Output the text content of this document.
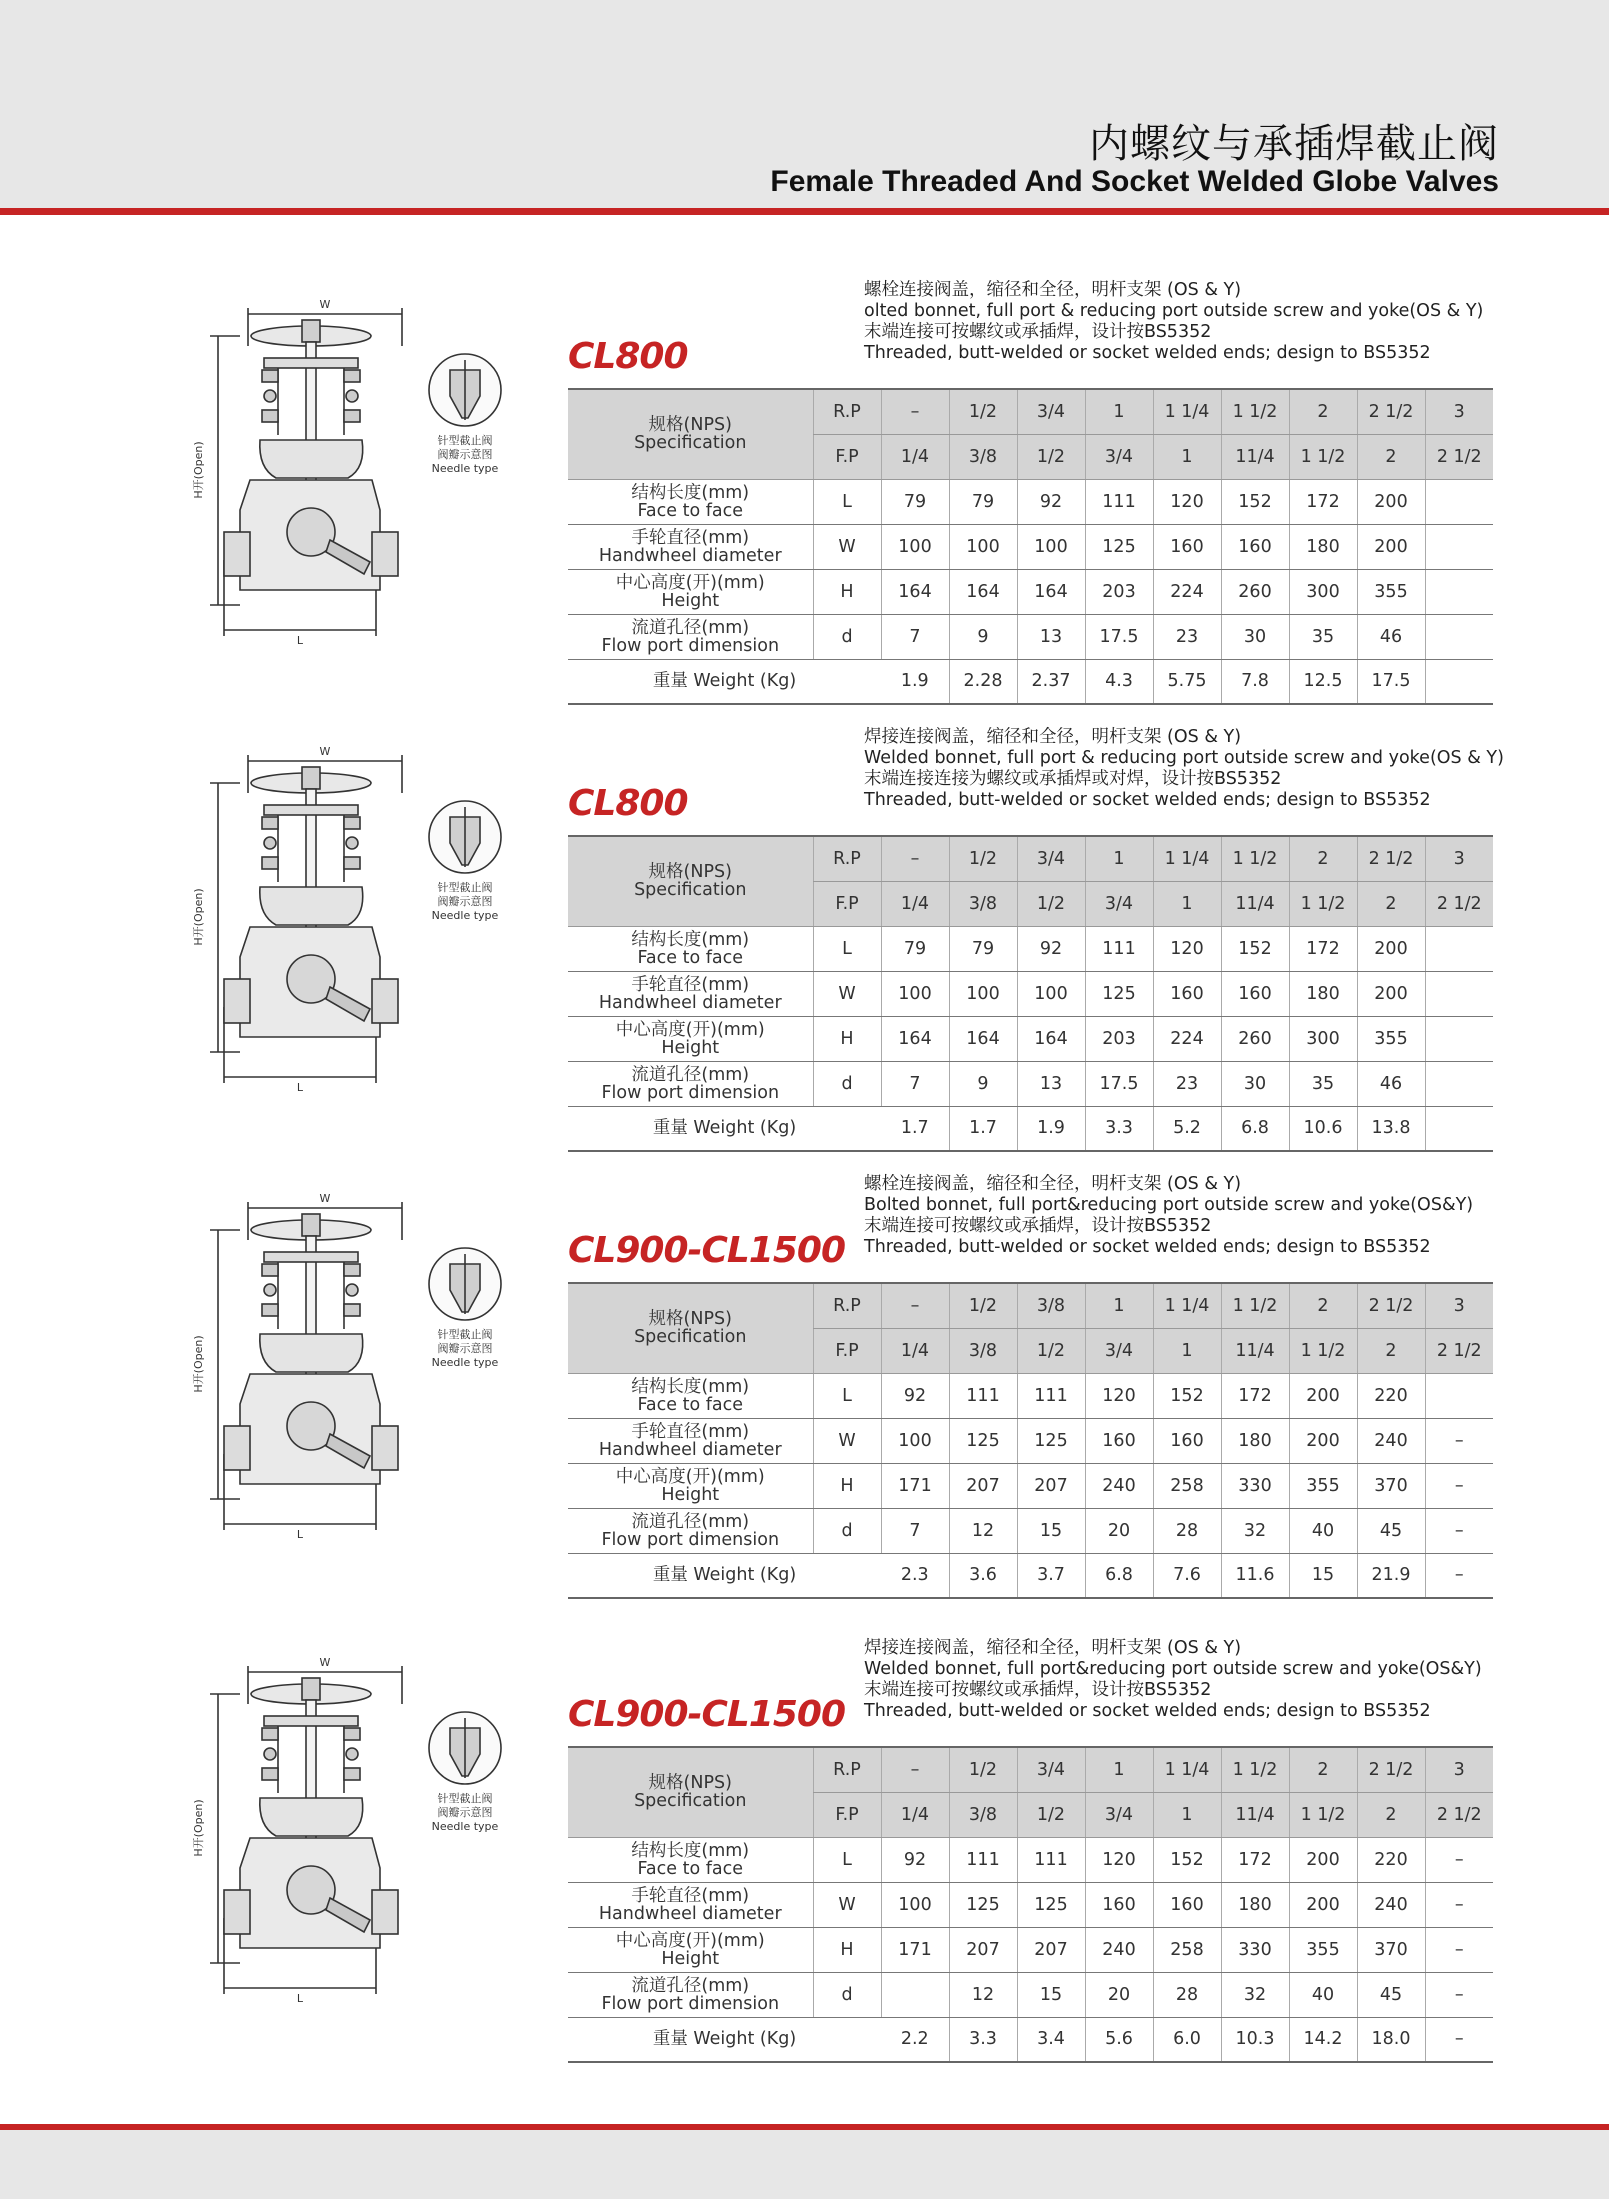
内螺纹与承插焊截止阀
Female Threaded And Socket Welded Globe Valves
W
L
H开(Open)
针型截止阀
阀瓣示意图
Needle type
CL800
螺栓连接阀盖，缩径和全径，明杆支架 (OS & Y)
olted bonnet, full port & reducing port outside screw and yoke(OS & Y)
末端连接可按螺纹或承插焊，设计按BS5352
Threaded, butt-welded or socket welded ends; design to BS5352
规格(NPS)
Specification	R.P	–	1/2	3/4	1	1 1/4	1 1/2	2	2 1/2	3
	F.P	1/4	3/8	1/2	3/4	1	11/4	1 1/2	2	2 1/2

结构长度(mm)
Face to face	L	79	79	92	111	120	152	172	200	

手轮直径(mm)
Handwheel diameter	W	100	100	100	125	160	160	180	200	

中心高度(开)(mm)
Height	H	164	164	164	203	224	260	300	355	

流道孔径(mm)
Flow port dimension	d	7	9	13	17.5	23	30	35	46	
重量 Weight (Kg)		1.9	2.28	2.37	4.3	5.75	7.8	12.5	17.5	
W
L
H开(Open)
针型截止阀
阀瓣示意图
Needle type
CL800
焊接连接阀盖，缩径和全径，明杆支架 (OS & Y)
Welded bonnet, full port & reducing port outside screw and yoke(OS & Y)
末端连接连接为螺纹或承插焊或对焊，设计按BS5352
Threaded, butt-welded or socket welded ends; design to BS5352
规格(NPS)
Specification	R.P	–	1/2	3/4	1	1 1/4	1 1/2	2	2 1/2	3
	F.P	1/4	3/8	1/2	3/4	1	11/4	1 1/2	2	2 1/2

结构长度(mm)
Face to face	L	79	79	92	111	120	152	172	200	

手轮直径(mm)
Handwheel diameter	W	100	100	100	125	160	160	180	200	

中心高度(开)(mm)
Height	H	164	164	164	203	224	260	300	355	

流道孔径(mm)
Flow port dimension	d	7	9	13	17.5	23	30	35	46	
重量 Weight (Kg)		1.7	1.7	1.9	3.3	5.2	6.8	10.6	13.8	
W
L
H开(Open)
针型截止阀
阀瓣示意图
Needle type
CL900-CL1500
螺栓连接阀盖，缩径和全径，明杆支架 (OS & Y)
Bolted bonnet, full port&reducing port outside screw and yoke(OS&Y)
末端连接可按螺纹或承插焊，设计按BS5352
Threaded, butt-welded or socket welded ends; design to BS5352
规格(NPS)
Specification	R.P	–	1/2	3/8	1	1 1/4	1 1/2	2	2 1/2	3
	F.P	1/4	3/8	1/2	3/4	1	11/4	1 1/2	2	2 1/2

结构长度(mm)
Face to face	L	92	111	111	120	152	172	200	220	

手轮直径(mm)
Handwheel diameter	W	100	125	125	160	160	180	200	240	–

中心高度(开)(mm)
Height	H	171	207	207	240	258	330	355	370	–

流道孔径(mm)
Flow port dimension	d	7	12	15	20	28	32	40	45	–
重量 Weight (Kg)		2.3	3.6	3.7	6.8	7.6	11.6	15	21.9	–
W
L
H开(Open)
针型截止阀
阀瓣示意图
Needle type
CL900-CL1500
焊接连接阀盖，缩径和全径，明杆支架 (OS & Y)
Welded bonnet, full port&reducing port outside screw and yoke(OS&Y)
末端连接可按螺纹或承插焊，设计按BS5352
Threaded, butt-welded or socket welded ends; design to BS5352
规格(NPS)
Specification	R.P	–	1/2	3/4	1	1 1/4	1 1/2	2	2 1/2	3
	F.P	1/4	3/8	1/2	3/4	1	11/4	1 1/2	2	2 1/2

结构长度(mm)
Face to face	L	92	111	111	120	152	172	200	220	–

手轮直径(mm)
Handwheel diameter	W	100	125	125	160	160	180	200	240	–

中心高度(开)(mm)
Height	H	171	207	207	240	258	330	355	370	–

流道孔径(mm)
Flow port dimension	d		12	15	20	28	32	40	45	–
重量 Weight (Kg)		2.2	3.3	3.4	5.6	6.0	10.3	14.2	18.0	–
